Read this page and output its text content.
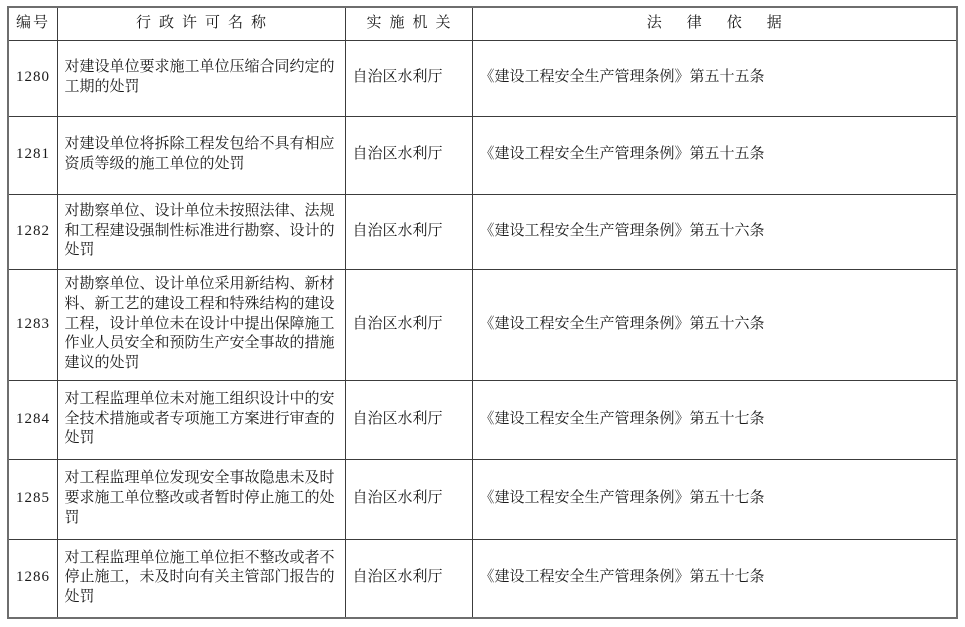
编号	行政许可名称	实施机关	法律依据
1280	对建设单位要求施工单位压缩合同约定的工期的处罚	自治区水利厅	《建设工程安全生产管理条例》第五十五条
1281	对建设单位将拆除工程发包给不具有相应资质等级的施工单位的处罚	自治区水利厅	《建设工程安全生产管理条例》第五十五条
1282	对勘察单位、设计单位未按照法律、法规和工程建设强制性标准进行勘察、设计的处罚	自治区水利厅	《建设工程安全生产管理条例》第五十六条
1283	对勘察单位、设计单位采用新结构、新材料、新工艺的建设工程和特殊结构的建设工程，设计单位未在设计中提出保障施工作业人员安全和预防生产安全事故的措施建议的处罚	自治区水利厅	《建设工程安全生产管理条例》第五十六条
1284	对工程监理单位未对施工组织设计中的安全技术措施或者专项施工方案进行审查的处罚	自治区水利厅	《建设工程安全生产管理条例》第五十七条
1285	对工程监理单位发现安全事故隐患未及时要求施工单位整改或者暂时停止施工的处罚	自治区水利厅	《建设工程安全生产管理条例》第五十七条
1286	对工程监理单位施工单位拒不整改或者不停止施工，未及时向有关主管部门报告的处罚	自治区水利厅	《建设工程安全生产管理条例》第五十七条
